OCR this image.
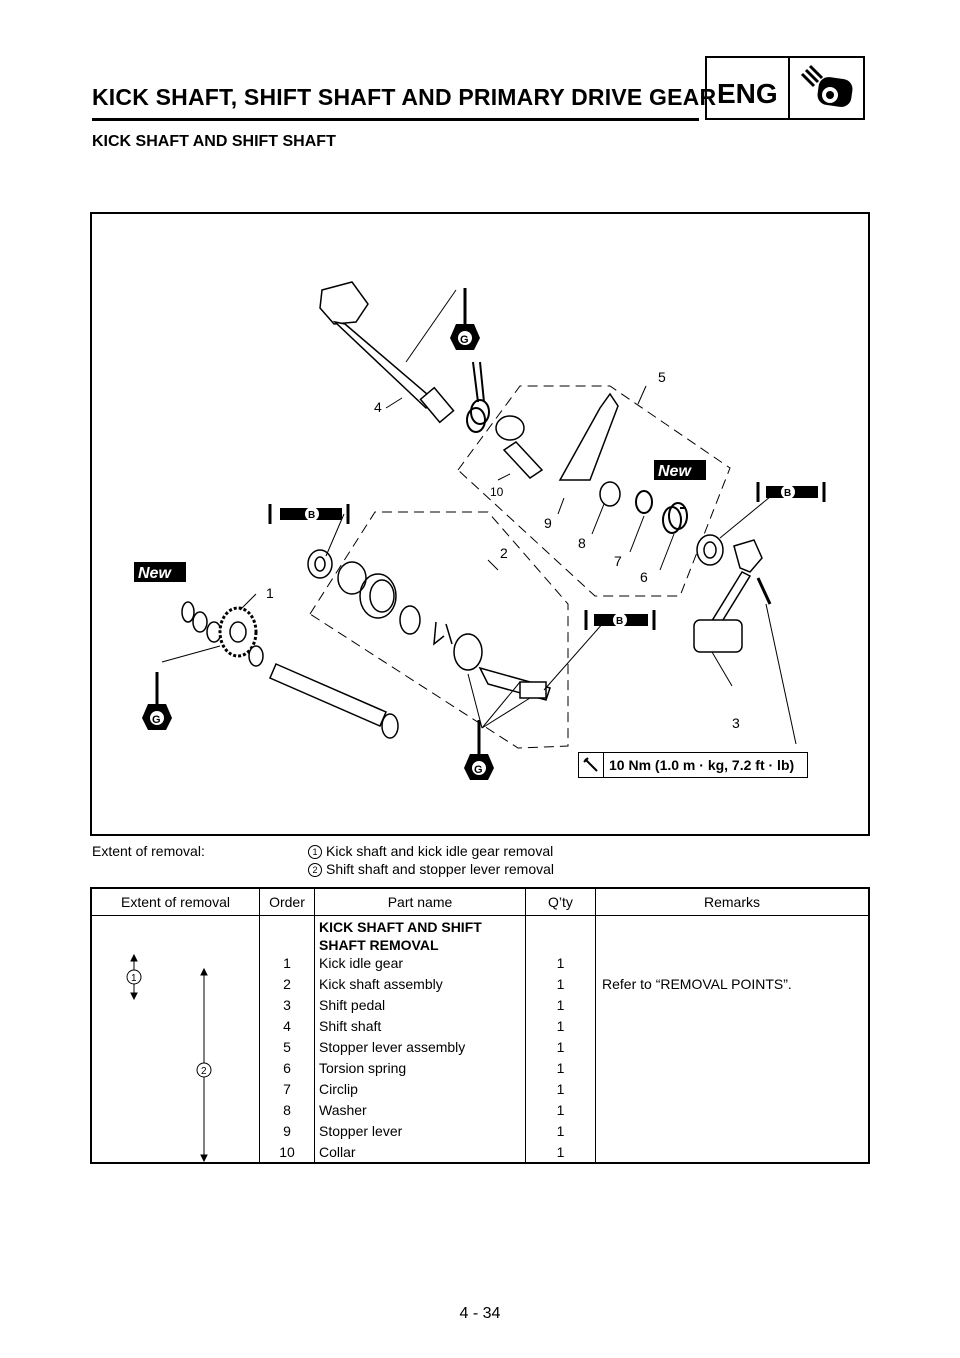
KICK SHAFT, SHIFT SHAFT AND PRIMARY DRIVE GEAR ENG
KICK SHAFT AND SHIFT SHAFT
4
5
10
9
8
7
6
2
1
3
New
New
G
G
G
B
B
B
10 Nm (1.0 m · kg, 7.2 ft · lb)
Extent of removal:	1 Kick shaft and kick idle gear removal
2 Shift shaft and stopper lever removal
Extent of removal	Order	Part name	Q’ty	Remarks
KICK SHAFT AND SHIFT
SHAFT REMOVAL
1
2
1	Kick idle gear	1
2	Kick shaft assembly	1	Refer to “REMOVAL POINTS”.
3	Shift pedal	1
4	Shift shaft	1
5	Stopper lever assembly	1
6	Torsion spring	1
7	Circlip	1
8	Washer	1
9	Stopper lever	1
10	Collar	1
4 - 34
